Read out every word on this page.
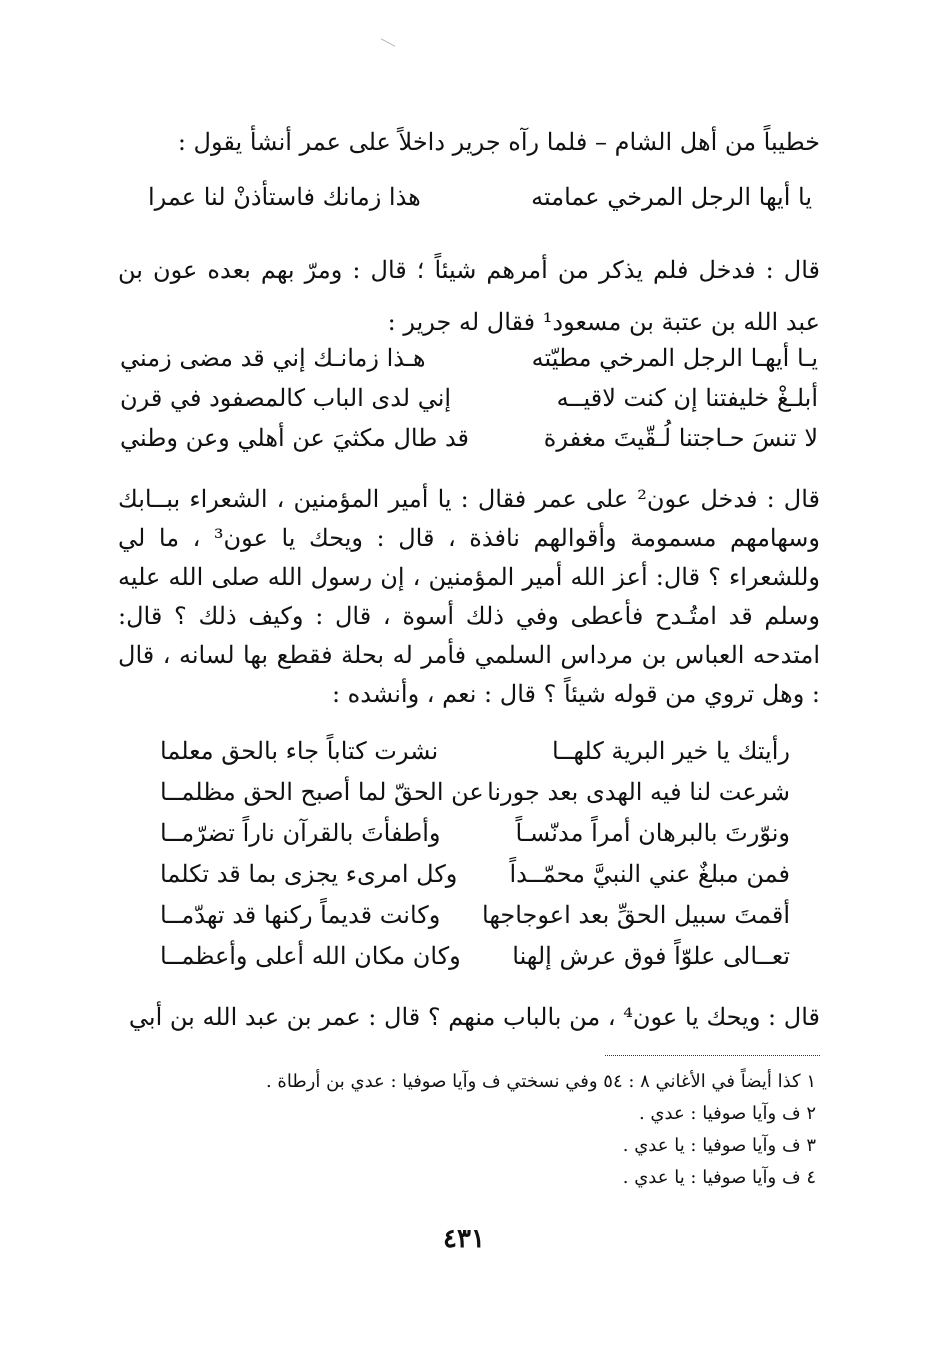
خطيباً من أهل الشام – فلما رآه جرير داخلاً على عمر أنشأ يقول :
يا أيها الرجل المرخي عمامته
هذا زمانك فاستأذنْ لنا عمرا
قال : فدخل فلم يذكر من أمرهم شيئاً ؛ قال : ومرّ بهم بعده عون بن عبد الله بن عتبة بن مسعود¹ فقال له جرير :
يـا أيهـا الرجل المرخي مطيّته
هـذا زمانـك إني قد مضى زمني
أبلـغْ خليفتنا إن كنت لاقيــه
إني لدى الباب كالمصفود في قرن
لا تنسَ حـاجتنا لُـقّيتَ مغفرة
قد طال مكثيَ عن أهلي وعن وطني
قال : فدخل عون² على عمر فقال : يا أمير المؤمنين ، الشعراء ببــابك وسهامهم مسمومة وأقوالهم نافذة ، قال : ويحك يا عون³ ، ما لي وللشعراء ؟ قال: أعز الله أمير المؤمنين ، إن رسول الله صلى الله عليه وسلم قد امتُـدح فأعطى وفي ذلك أسوة ، قال : وكيف ذلك ؟ قال: امتدحه العباس بن مرداس السلمي فأمر له بحلة فقطع بها لسانه ، قال : وهل تروي من قوله شيئاً ؟ قال : نعم ، وأنشده :
رأيتك يا خير البرية كلهــا
نشرت كتاباً جاء بالحق معلما
شرعت لنا فيه الهدى بعد جورنا
عن الحقّ لما أصبح الحق مظلمــا
ونوّرتَ بالبرهان أمراً مدنّسـاً
وأطفأتَ بالقرآن ناراً تضرّمــا
فمن مبلغٌ عني النبيَّ محمّــداً
وكل امرىء يجزى بما قد تكلما
أقمتَ سبيل الحقِّ بعد اعوجاجها
وكانت قديماً ركنها قد تهدّمــا
تعــالى علوّاً فوق عرش إلهنا
وكان مكان الله أعلى وأعظمــا
قال : ويحك يا عون⁴ ، من بالباب منهم ؟ قال : عمر بن عبد الله بن أبي
١ كذا أيضاً في الأغاني ٨ : ٥٤ وفي نسختي ف وآيا صوفيا : عدي بن أرطاة .
٢ ف وآيا صوفيا : عدي .
٣ ف وآيا صوفيا : يا عدي .
٤ ف وآيا صوفيا : يا عدي .
٤٣١
